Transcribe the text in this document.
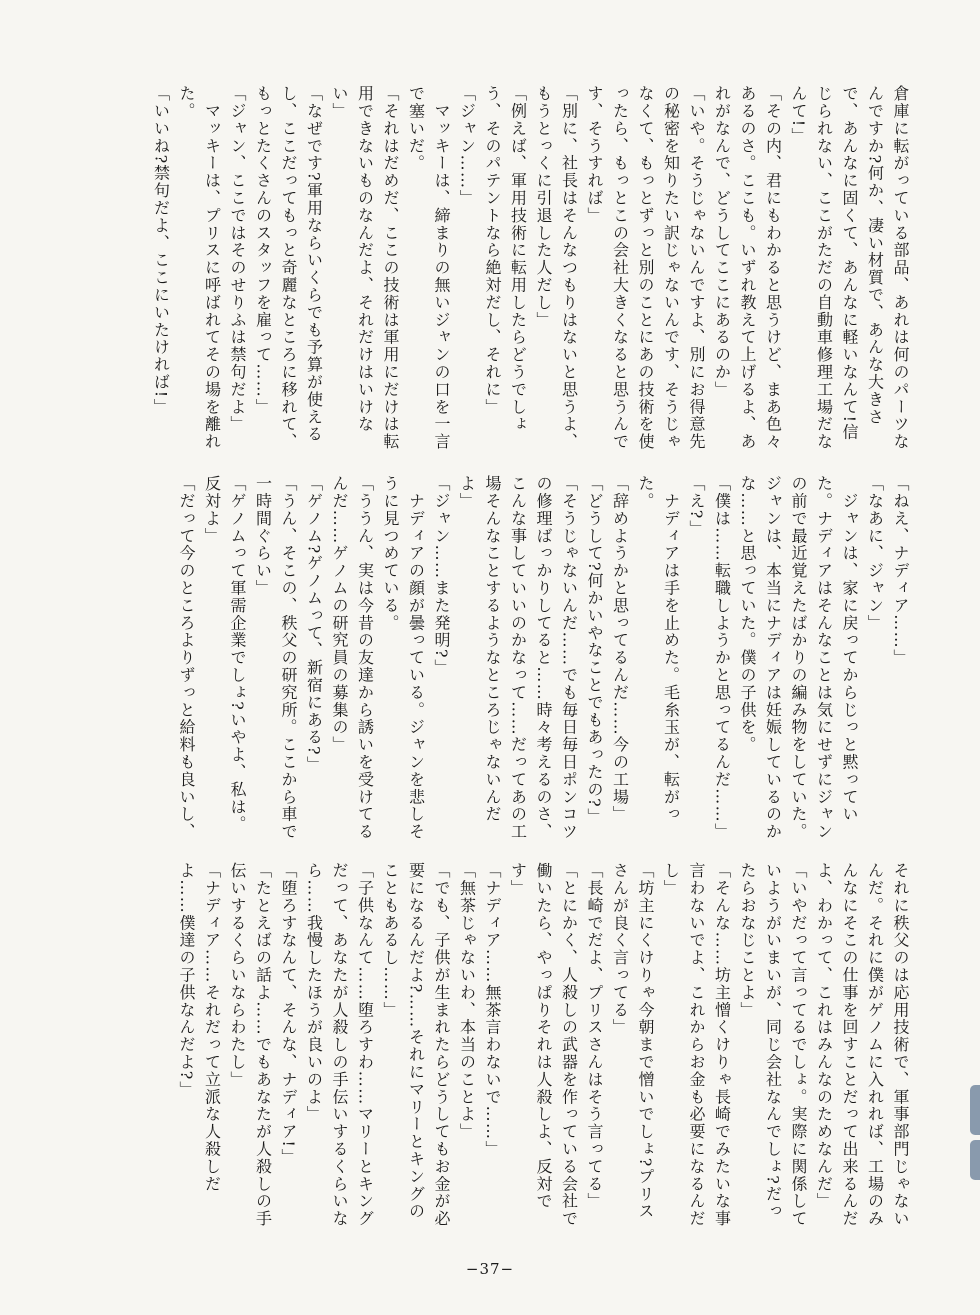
倉庫に転がっている部品、あれは何のパーツなんですか?何か、凄い材質で、あんな大きさで、あんなに固くて、あんなに軽いなんて!信じられない、ここがただの自動車修理工場だなんて!」

「その内、君にもわかると思うけど、まあ色々あるのさ。ここも。いずれ教えて上げるよ、あれがなんで、どうしてここにあるのか」

「いや。そうじゃないんですよ、別にお得意先の秘密を知りたい訳じゃないんです、そうじゃなくて、もっとずっと別のことにあの技術を使ったら、もっとこの会社大きくなると思うんです、そうすれば」

「別に、社長はそんなつもりはないと思うよ、もうとっくに引退した人だし」

「例えば、軍用技術に転用したらどうでしょう、そのパテントなら絶対だし、それに」

「ジャン……」

　マッキーは、締まりの無いジャンの口を一言で塞いだ。

「それはだめだ、ここの技術は軍用にだけは転用できないものなんだよ、それだけはいけない」

「なぜです?軍用ならいくらでも予算が使えるし、ここだってもっと奇麗なところに移れて、もっとたくさんのスタッフを雇って……」

「ジャン、ここではそのせりふは禁句だよ」

　マッキーは、プリスに呼ばれてその場を離れた。

「いいね?禁句だよ、ここにいたければ!」

「ねえ、ナディア……」

「なあに、ジャン」

　ジャンは、家に戻ってからじっと黙っていた。ナディアはそんなことは気にせずにジャンの前で最近覚えたばかりの編み物をしていた。ジャンは、本当にナディアは妊娠しているのかな……と思っていた。僕の子供を。

「僕は……転職しようかと思ってるんだ……」

「え?」

　ナディアは手を止めた。毛糸玉が、転がった。

「辞めようかと思ってるんだ……今の工場」

「どうして?何かいやなことでもあったの?」

「そうじゃないんだ……でも毎日毎日ポンコツの修理ばっかりしてると……時々考えるのさ、こんな事していいのかなって……だってあの工場そんなことするようなところじゃないんだよ」

「ジャン……また発明?」

　ナディアの顔が曇っている。ジャンを悲しそうに見つめている。

「ううん、実は今昔の友達から誘いを受けてるんだ……ゲノムの研究員の募集の」

「ゲノム?ゲノムって、新宿にある?」

「うん、そこの、秩父の研究所。ここから車で一時間ぐらい」

「ゲノムって軍需企業でしょ?いやよ、私は。反対よ」

「だって今のところよりずっと給料も良いし、

それに秩父のは応用技術で、軍事部門じゃないんだ。それに僕がゲノムに入れれば、工場のみんなにそこの仕事を回すことだって出来るんだよ、わかって、これはみんなのためなんだ」

「いやだって言ってるでしょ。実際に関係していようがいまいが、同じ会社なんでしょ?だったらおなじことよ」

「そんな……坊主憎くけりゃ長崎でみたいな事言わないでよ、これからお金も必要になるんだし」

「坊主にくけりゃ今朝まで憎いでしょ?プリスさんが良く言ってる」

「長崎でだよ、プリスさんはそう言ってる」

「とにかく、人殺しの武器を作っている会社で働いたら、やっぱりそれは人殺しよ、反対です」

「ナディア……無茶言わないで……」

「無茶じゃないわ、本当のことよ」

「でも、子供が生まれたらどうしてもお金が必要になるんだよ?……それにマリーとキングのこともあるし……」

「子供なんて……堕ろすわ……マリーとキングだって、あなたが人殺しの手伝いするくらいなら……我慢したほうが良いのよ」

「堕ろすなんて、そんな、ナディア!」

「たとえばの話よ……でもあなたが人殺しの手伝いするくらいならわたし」

「ナディア……それだって立派な人殺しだよ……僕達の子供なんだよ?」

−37−
